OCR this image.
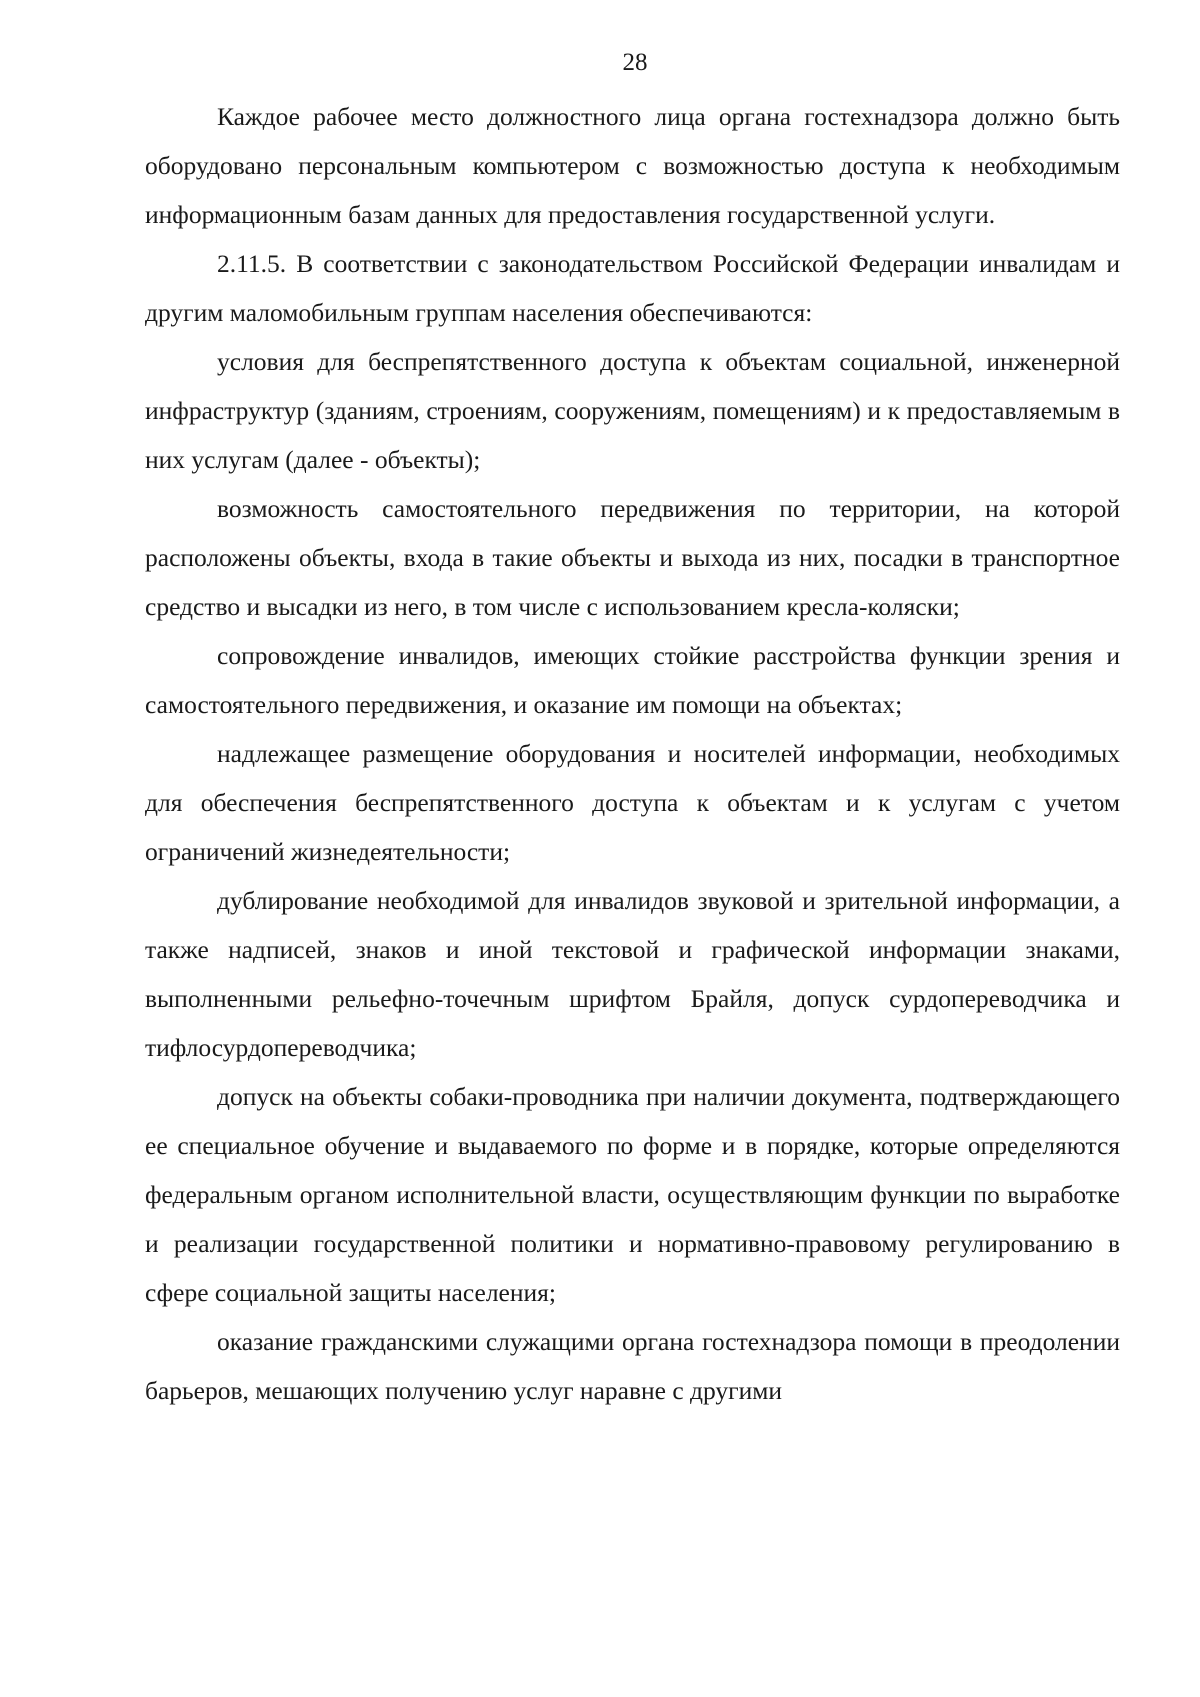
28

Каждое рабочее место должностного лица органа гостехнадзора должно быть оборудовано персональным компьютером с возможностью доступа к необходимым информационным базам данных для предоставления государственной услуги.

2.11.5. В соответствии с законодательством Российской Федерации инвалидам и другим маломобильным группам населения обеспечиваются:

условия для беспрепятственного доступа к объектам социальной, инженерной инфраструктур (зданиям, строениям, сооружениям, помещениям) и к предоставляемым в них услугам (далее - объекты);

возможность самостоятельного передвижения по территории, на которой расположены объекты, входа в такие объекты и выхода из них, посадки в транспортное средство и высадки из него, в том числе с использованием кресла-коляски;

сопровождение инвалидов, имеющих стойкие расстройства функции зрения и самостоятельного передвижения, и оказание им помощи на объектах;

надлежащее размещение оборудования и носителей информации, необходимых для обеспечения беспрепятственного доступа к объектам и к услугам с учетом ограничений жизнедеятельности;

дублирование необходимой для инвалидов звуковой и зрительной информации, а также надписей, знаков и иной текстовой и графической информации знаками, выполненными рельефно-точечным шрифтом Брайля, допуск сурдопереводчика и тифлосурдопереводчика;

допуск на объекты собаки-проводника при наличии документа, подтверждающего ее специальное обучение и выдаваемого по форме и в порядке, которые определяются федеральным органом исполнительной власти, осуществляющим функции по выработке и реализации государственной политики и нормативно-правовому регулированию в сфере социальной защиты населения;

оказание гражданскими служащими органа гостехнадзора помощи в преодолении барьеров, мешающих получению услуг наравне с другими
